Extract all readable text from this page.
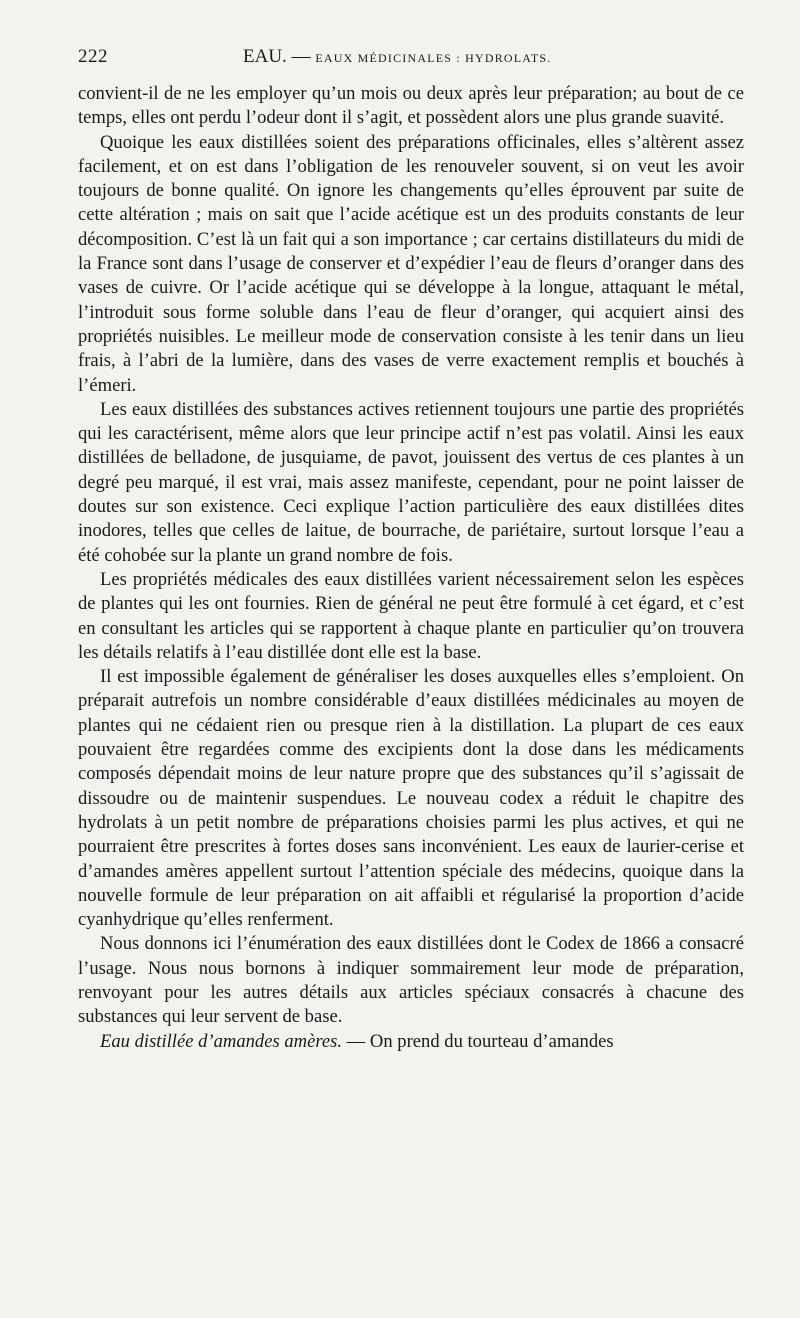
222	EAU. — EAUX MÉDICINALES : HYDROLATS.

convient-il de ne les employer qu’un mois ou deux après leur préparation; au bout de ce temps, elles ont perdu l’odeur dont il s’agit, et possèdent alors une plus grande suavité.

Quoique les eaux distillées soient des préparations officinales, elles s’altèrent assez facilement, et on est dans l’obligation de les renouveler souvent, si on veut les avoir toujours de bonne qualité. On ignore les changements qu’elles éprouvent par suite de cette altération ; mais on sait que l’acide acétique est un des produits constants de leur décomposition. C’est là un fait qui a son importance ; car certains distillateurs du midi de la France sont dans l’usage de conserver et d’expédier l’eau de fleurs d’oranger dans des vases de cuivre. Or l’acide acétique qui se développe à la longue, attaquant le métal, l’introduit sous forme soluble dans l’eau de fleur d’oranger, qui acquiert ainsi des propriétés nuisibles. Le meilleur mode de conservation consiste à les tenir dans un lieu frais, à l’abri de la lumière, dans des vases de verre exactement remplis et bouchés à l’émeri.

Les eaux distillées des substances actives retiennent toujours une partie des propriétés qui les caractérisent, même alors que leur principe actif n’est pas volatil. Ainsi les eaux distillées de belladone, de jusquiame, de pavot, jouissent des vertus de ces plantes à un degré peu marqué, il est vrai, mais assez manifeste, cependant, pour ne point laisser de doutes sur son existence. Ceci explique l’action particulière des eaux distillées dites inodores, telles que celles de laitue, de bourrache, de pariétaire, surtout lorsque l’eau a été cohobée sur la plante un grand nombre de fois.

Les propriétés médicales des eaux distillées varient nécessairement selon les espèces de plantes qui les ont fournies. Rien de général ne peut être formulé à cet égard, et c’est en consultant les articles qui se rapportent à chaque plante en particulier qu’on trouvera les détails relatifs à l’eau distillée dont elle est la base.

Il est impossible également de généraliser les doses auxquelles elles s’emploient. On préparait autrefois un nombre considérable d’eaux distillées médicinales au moyen de plantes qui ne cédaient rien ou presque rien à la distillation. La plupart de ces eaux pouvaient être regardées comme des excipients dont la dose dans les médicaments composés dépendait moins de leur nature propre que des substances qu’il s’agissait de dissoudre ou de maintenir suspendues. Le nouveau codex a réduit le chapitre des hydrolats à un petit nombre de préparations choisies parmi les plus actives, et qui ne pourraient être prescrites à fortes doses sans inconvénient. Les eaux de laurier-cerise et d’amandes amères appellent surtout l’attention spéciale des médecins, quoique dans la nouvelle formule de leur préparation on ait affaibli et régularisé la proportion d’acide cyanhydrique qu’elles renferment.

Nous donnons ici l’énumération des eaux distillées dont le Codex de 1866 a consacré l’usage. Nous nous bornons à indiquer sommairement leur mode de préparation, renvoyant pour les autres détails aux articles spéciaux consacrés à chacune des substances qui leur servent de base.

Eau distillée d’amandes amères. — On prend du tourteau d’amandes
